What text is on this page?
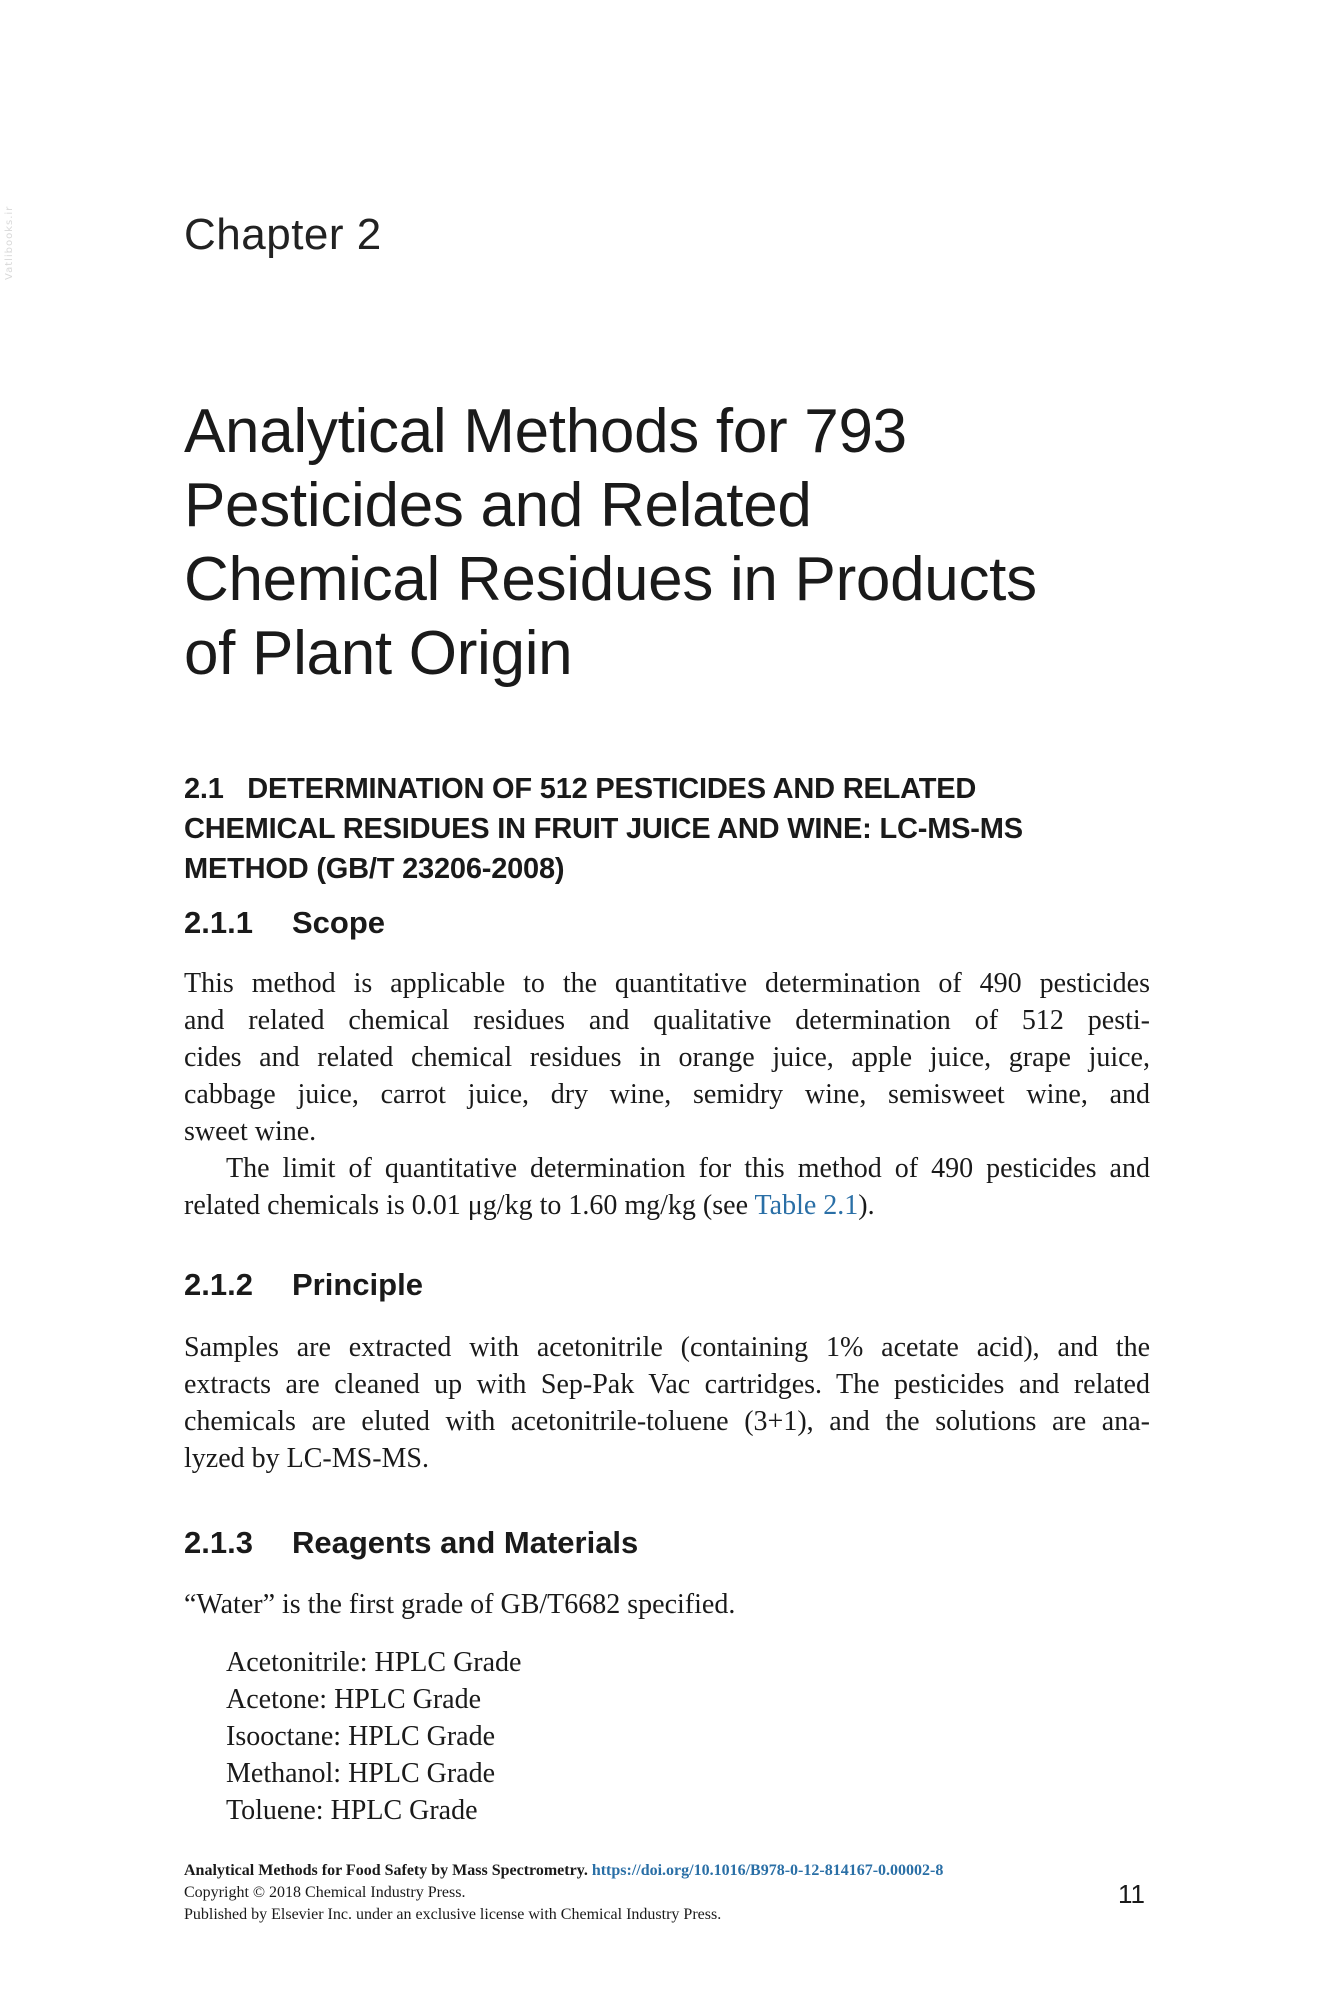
Vatlibooks.ir	Chapter 2
Analytical Methods for 793
Pesticides and Related
Chemical Residues in Products
of Plant Origin
2.1   DETERMINATION OF 512 PESTICIDES AND RELATED
CHEMICAL RESIDUES IN FRUIT JUICE AND WINE: LC-MS-MS
METHOD (GB/T 23206-2008)
2.1.1 Scope

This method is applicable to the quantitative determination of 490 pesticides
and related chemical residues and qualitative determination of 512 pesti-
cides and related chemical residues in orange juice, apple juice, grape juice,
cabbage juice, carrot juice, dry wine, semidry wine, semisweet wine, and
sweet wine.
The limit of quantitative determination for this method of 490 pesticides and
related chemicals is 0.01 μg/kg to 1.60 mg/kg (see Table 2.1).

2.1.2 Principle

Samples are extracted with acetonitrile (containing 1% acetate acid), and the
extracts are cleaned up with Sep-Pak Vac cartridges. The pesticides and related
chemicals are eluted with acetonitrile-toluene (3+1), and the solutions are ana-
lyzed by LC-MS-MS.

2.1.3 Reagents and Materials

“Water” is the first grade of GB/T6682 specified.

Acetonitrile: HPLC Grade
Acetone: HPLC Grade
Isooctane: HPLC Grade
Methanol: HPLC Grade
Toluene: HPLC Grade
Analytical Methods for Food Safety by Mass Spectrometry. https://doi.org/10.1016/B978-0-12-814167-0.00002-8
Copyright © 2018 Chemical Industry Press.
Published by Elsevier Inc. under an exclusive license with Chemical Industry Press.
11
